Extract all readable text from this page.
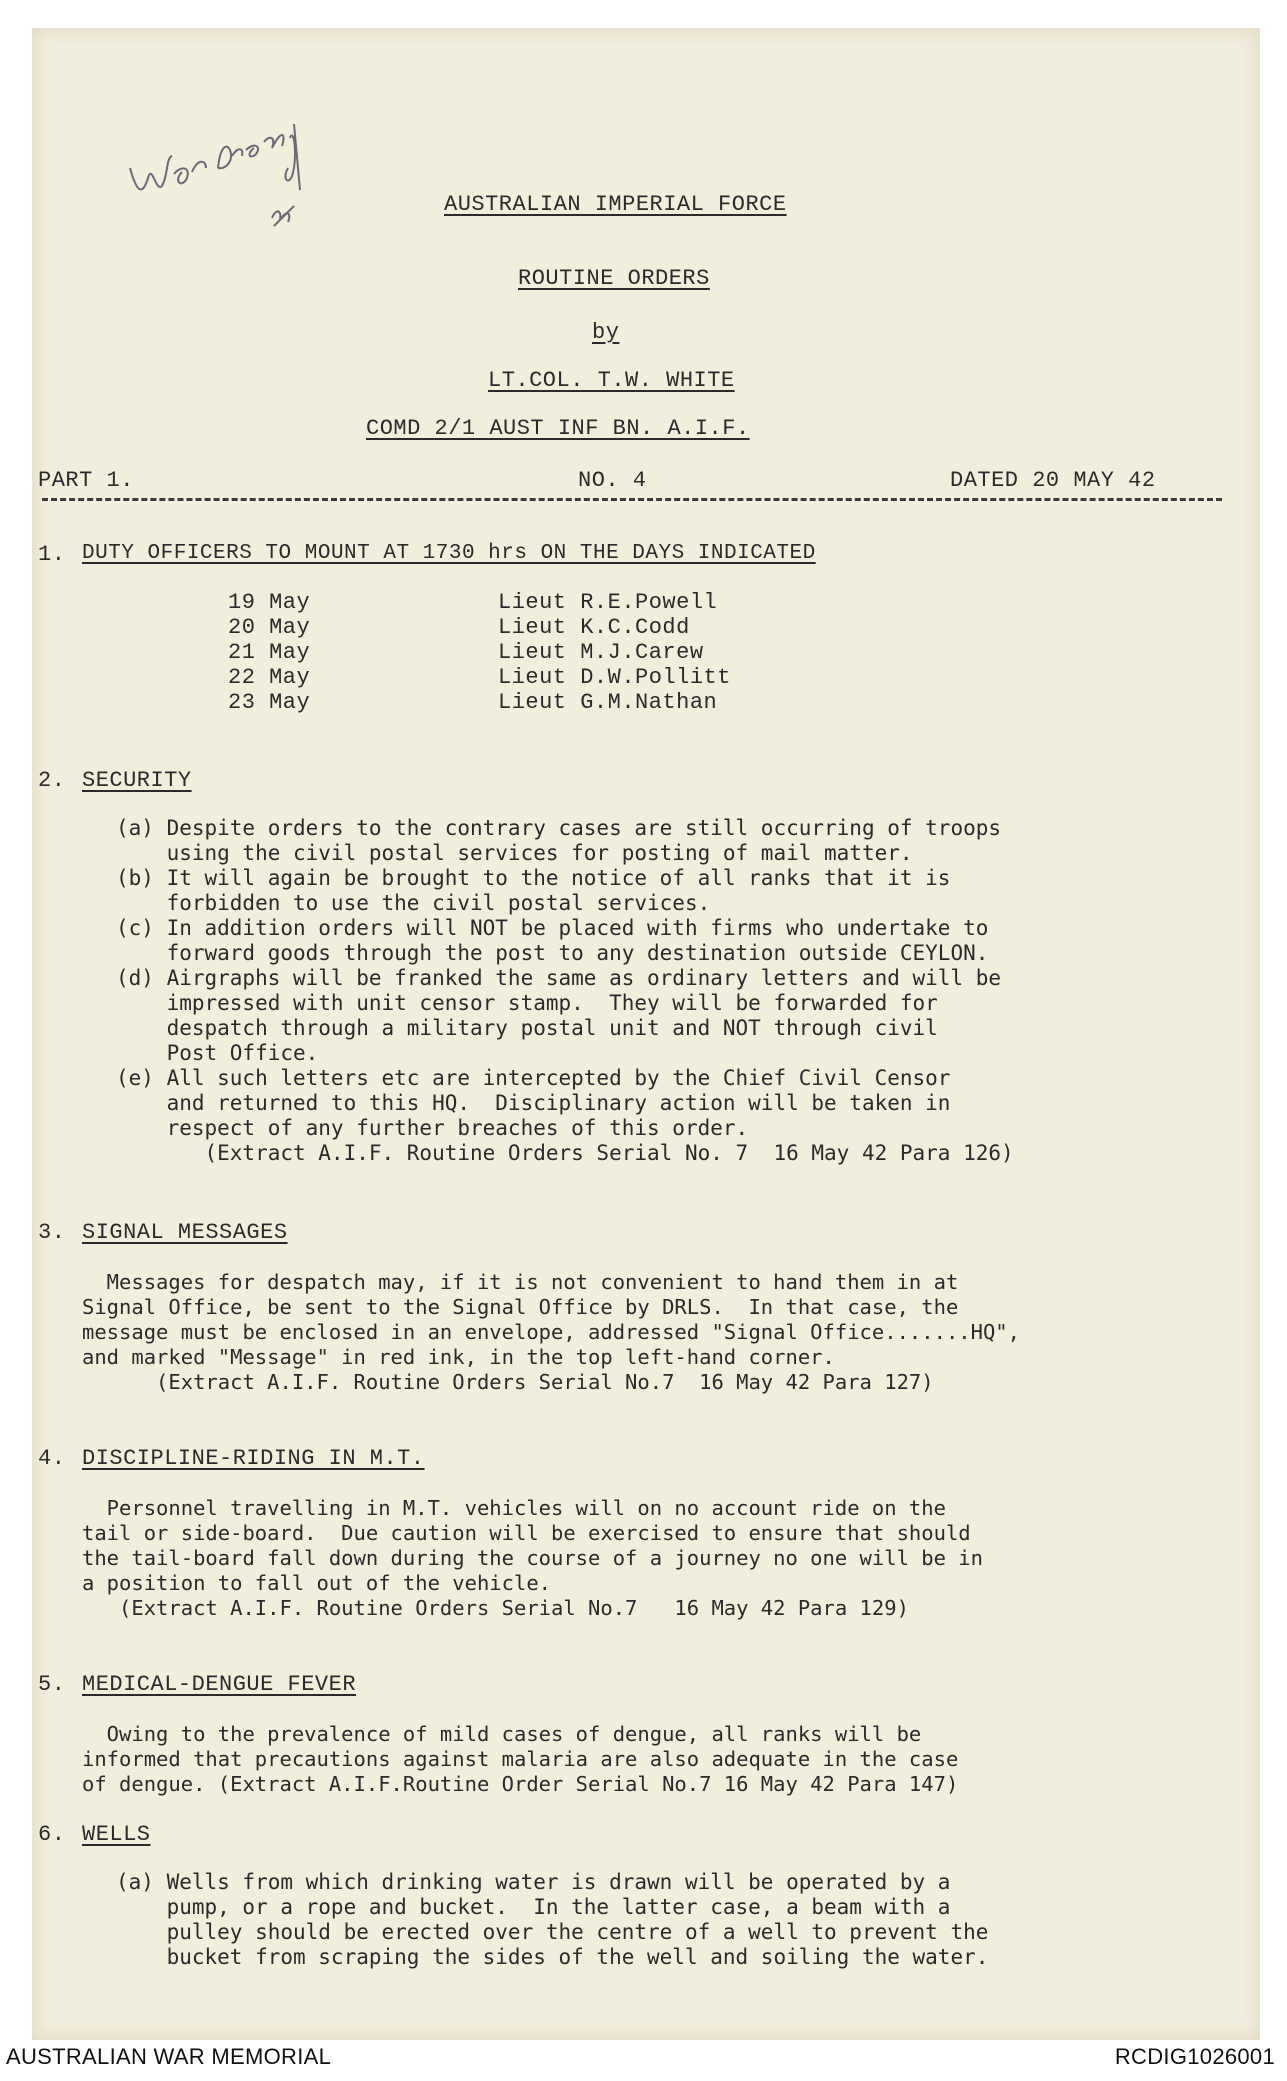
AUSTRALIAN IMPERIAL FORCE
ROUTINE ORDERS
by
LT.COL. T.W. WHITE
COMD 2/1 AUST INF BN. A.I.F.
PART 1.	NO. 4	DATED 20 MAY 42
1. DUTY OFFICERS TO MOUNT AT 1730 hrs ON THE DAYS INDICATED
19 May	Lieut R.E.Powell
20 May	Lieut K.C.Codd
21 May	Lieut M.J.Carew
22 May	Lieut D.W.Pollitt
23 May	Lieut G.M.Nathan
2. SECURITY
(a) Despite orders to the contrary cases are still occurring of troops
using the civil postal services for posting of mail matter.
(b) It will again be brought to the notice of all ranks that it is
forbidden to use the civil postal services.
(c) In addition orders will NOT be placed with firms who undertake to
forward goods through the post to any destination outside CEYLON.
(d) Airgraphs will be franked the same as ordinary letters and will be
impressed with unit censor stamp.  They will be forwarded for
despatch through a military postal unit and NOT through civil
Post Office.
(e) All such letters etc are intercepted by the Chief Civil Censor
and returned to this HQ.  Disciplinary action will be taken in
respect of any further breaches of this order.
(Extract A.I.F. Routine Orders Serial No. 7  16 May 42 Para 126)
3. SIGNAL MESSAGES
Messages for despatch may, if it is not convenient to hand them in at
Signal Office, be sent to the Signal Office by DRLS.  In that case, the
message must be enclosed in an envelope, addressed "Signal Office.......HQ",
and marked "Message" in red ink, in the top left-hand corner.
(Extract A.I.F. Routine Orders Serial No.7  16 May 42 Para 127)
4. DISCIPLINE-RIDING IN M.T.
Personnel travelling in M.T. vehicles will on no account ride on the
tail or side-board.  Due caution will be exercised to ensure that should
the tail-board fall down during the course of a journey no one will be in
a position to fall out of the vehicle.
(Extract A.I.F. Routine Orders Serial No.7   16 May 42 Para 129)
5. MEDICAL-DENGUE FEVER
Owing to the prevalence of mild cases of dengue, all ranks will be
informed that precautions against malaria are also adequate in the case
of dengue. (Extract A.I.F.Routine Order Serial No.7 16 May 42 Para 147)
6. WELLS
(a) Wells from which drinking water is drawn will be operated by a
pump, or a rope and bucket.  In the latter case, a beam with a
pulley should be erected over the centre of a well to prevent the
bucket from scraping the sides of the well and soiling the water.
AUSTRALIAN WAR MEMORIAL	RCDIG1026001
